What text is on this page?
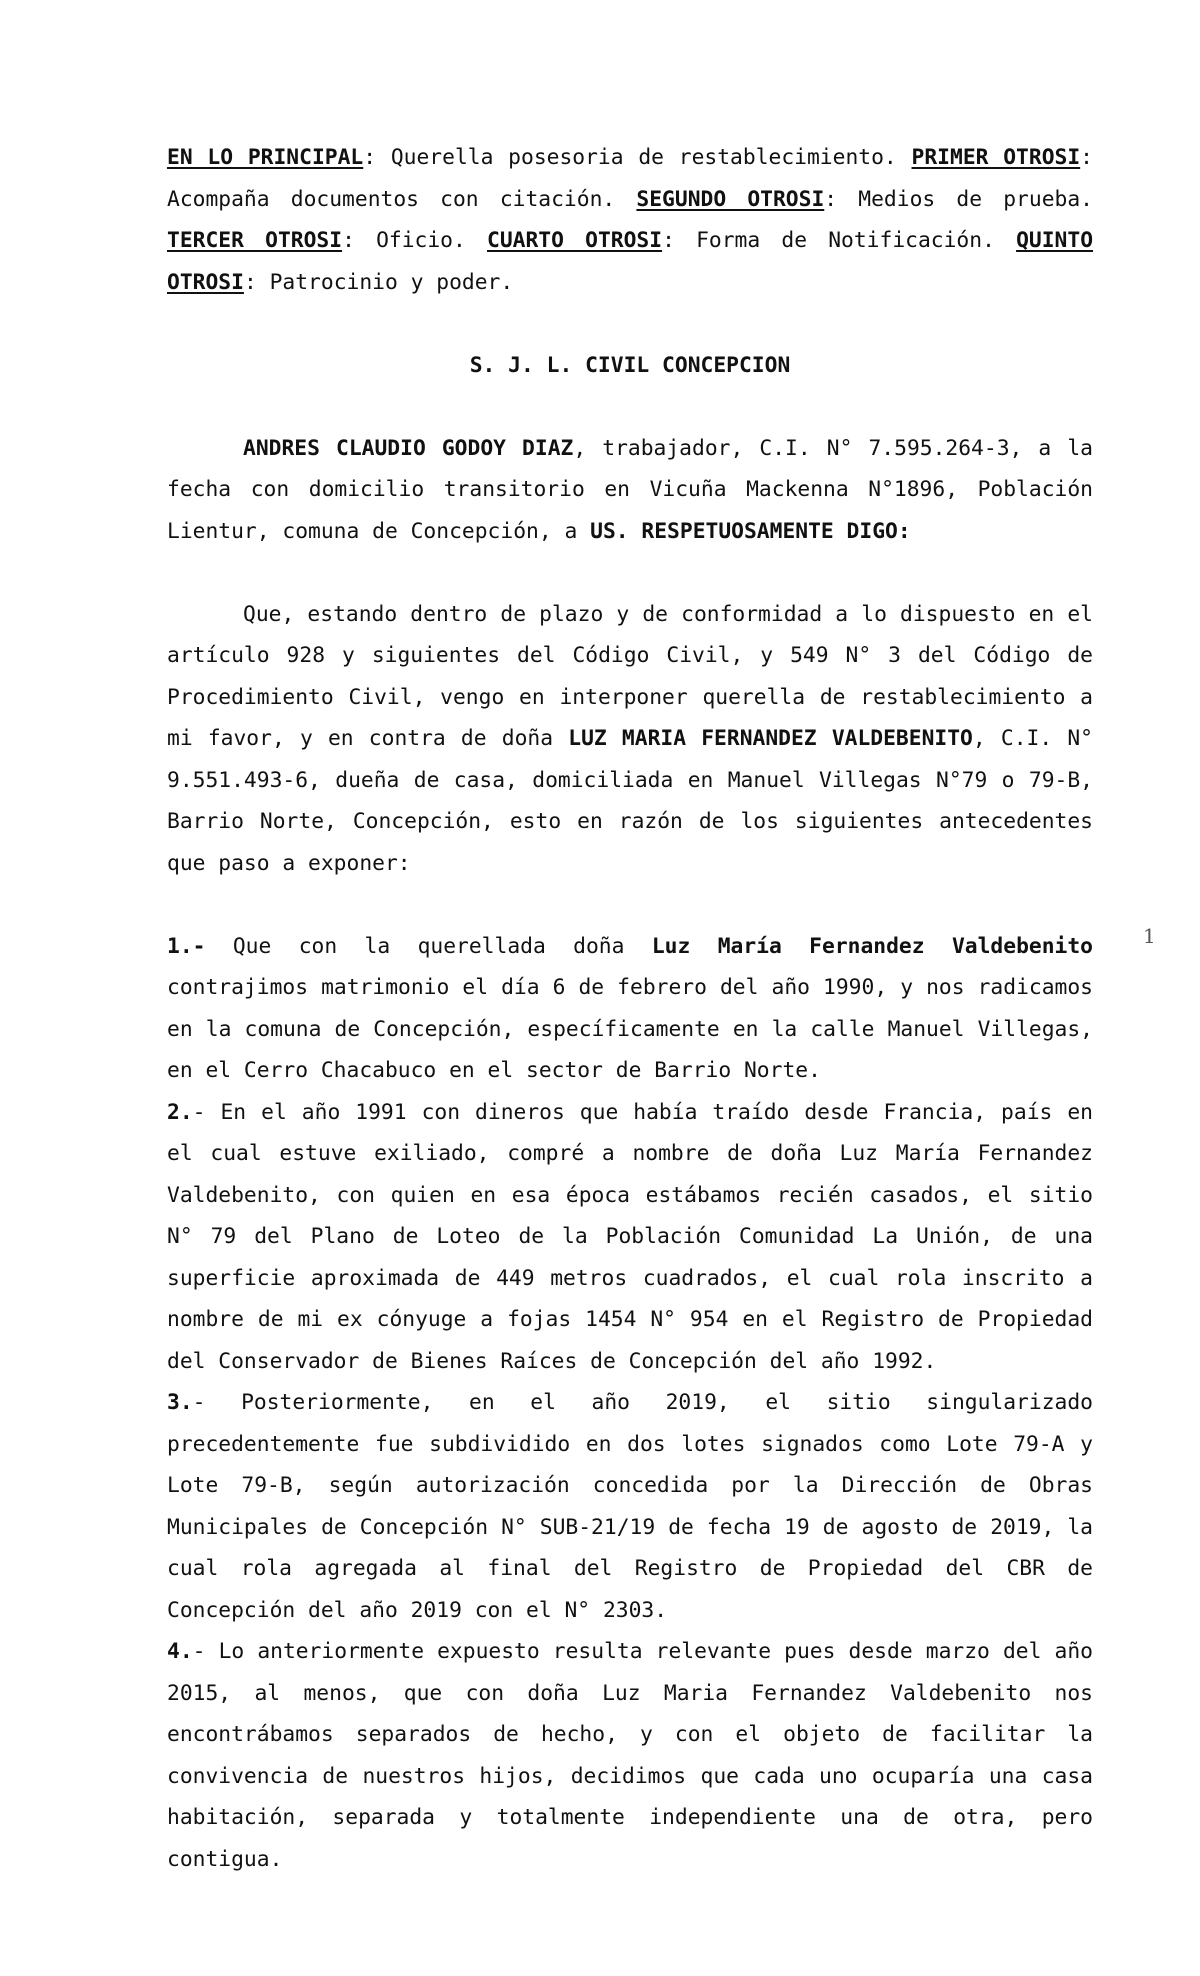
EN LO PRINCIPAL: Querella posesoria de restablecimiento. PRIMER OTROSI: Acompaña documentos con citación. SEGUNDO OTROSI: Medios de prueba. TERCER OTROSI: Oficio. CUARTO OTROSI: Forma de Notificación. QUINTO OTROSI: Patrocinio y poder.

S. J. L. CIVIL CONCEPCION

ANDRES CLAUDIO GODOY DIAZ, trabajador, C.I. N° 7.595.264-3, a la fecha con domicilio transitorio en Vicuña Mackenna N°1896, Población Lientur, comuna de Concepción, a US. RESPETUOSAMENTE DIGO:

Que, estando dentro de plazo y de conformidad a lo dispuesto en el artículo 928 y siguientes del Código Civil, y 549 N° 3 del Código de Procedimiento Civil, vengo en interponer querella de restablecimiento a mi favor, y en contra de doña LUZ MARIA FERNANDEZ VALDEBENITO, C.I. N° 9.551.493-6, dueña de casa, domiciliada en Manuel Villegas N°79 o 79-B, Barrio Norte, Concepción, esto en razón de los siguientes antecedentes que paso a exponer:

1.- Que con la querellada doña Luz María Fernandez Valdebenito contrajimos matrimonio el día 6 de febrero del año 1990, y nos radicamos en la comuna de Concepción, específicamente en la calle Manuel Villegas, en el Cerro Chacabuco en el sector de Barrio Norte.

2.- En el año 1991 con dineros que había traído desde Francia, país en el cual estuve exiliado, compré a nombre de doña Luz María Fernandez Valdebenito, con quien en esa época estábamos recién casados, el sitio N° 79 del Plano de Loteo de la Población Comunidad La Unión, de una superficie aproximada de 449 metros cuadrados, el cual rola inscrito a nombre de mi ex cónyuge a fojas 1454 N° 954 en el Registro de Propiedad del Conservador de Bienes Raíces de Concepción del año 1992.

3.- Posteriormente, en el año 2019, el sitio singularizado precedentemente fue subdividido en dos lotes signados como Lote 79-A y Lote 79-B, según autorización concedida por la Dirección de Obras Municipales de Concepción N° SUB-21/19 de fecha 19 de agosto de 2019, la cual rola agregada al final del Registro de Propiedad del CBR de Concepción del año 2019 con el N° 2303.

4.- Lo anteriormente expuesto resulta relevante pues desde marzo del año 2015, al menos, que con doña Luz Maria Fernandez Valdebenito nos encontrábamos separados de hecho, y con el objeto de facilitar la convivencia de nuestros hijos, decidimos que cada uno ocuparía una casa habitación, separada y totalmente independiente una de otra, pero contigua.

1
